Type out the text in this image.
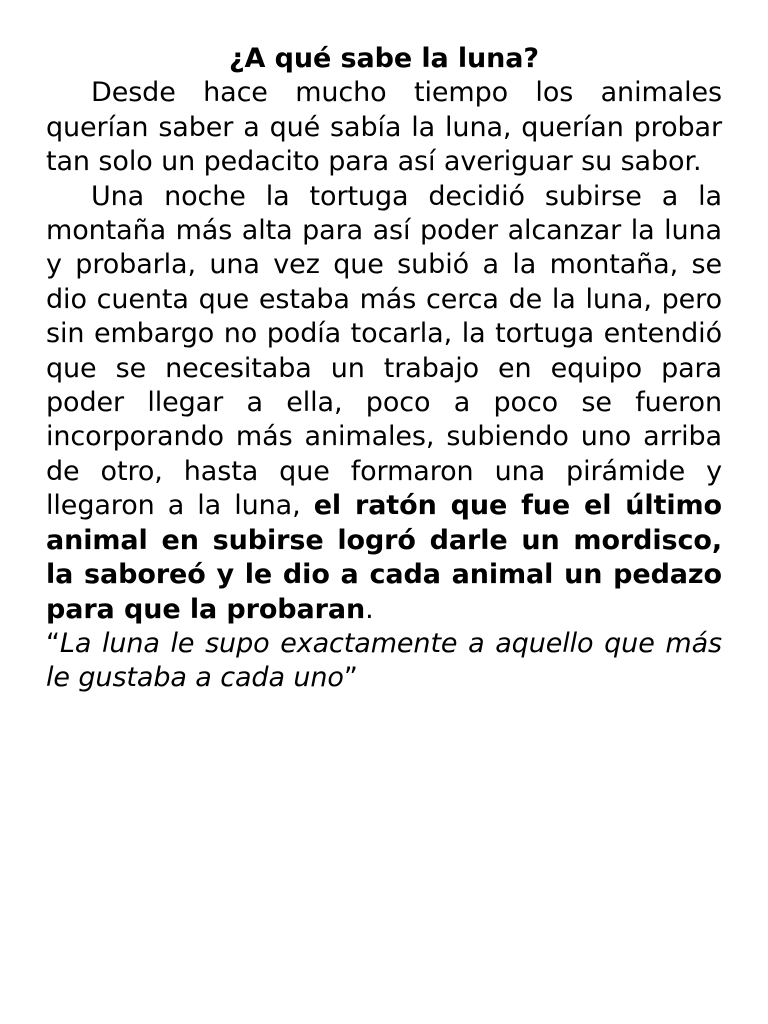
¿A qué sabe la luna?

Desde hace mucho tiempo los animales querían saber a qué sabía la luna, querían probar tan solo un pedacito para así averiguar su sabor.

Una noche la tortuga decidió subirse a la montaña más alta para así poder alcanzar la luna y probarla, una vez que subió a la montaña, se dio cuenta que estaba más cerca de la luna, pero sin embargo no podía tocarla, la tortuga entendió que se necesitaba un trabajo en equipo para poder llegar a ella, poco a poco se fueron incorporando más animales, subiendo uno arriba de otro, hasta que formaron una pirámide y llegaron a la luna, el ratón que fue el último animal en subirse logró darle un mordisco, la saboreó y le dio a cada animal un pedazo para que la probaran.

“La luna le supo exactamente a aquello que más le gustaba a cada uno”
